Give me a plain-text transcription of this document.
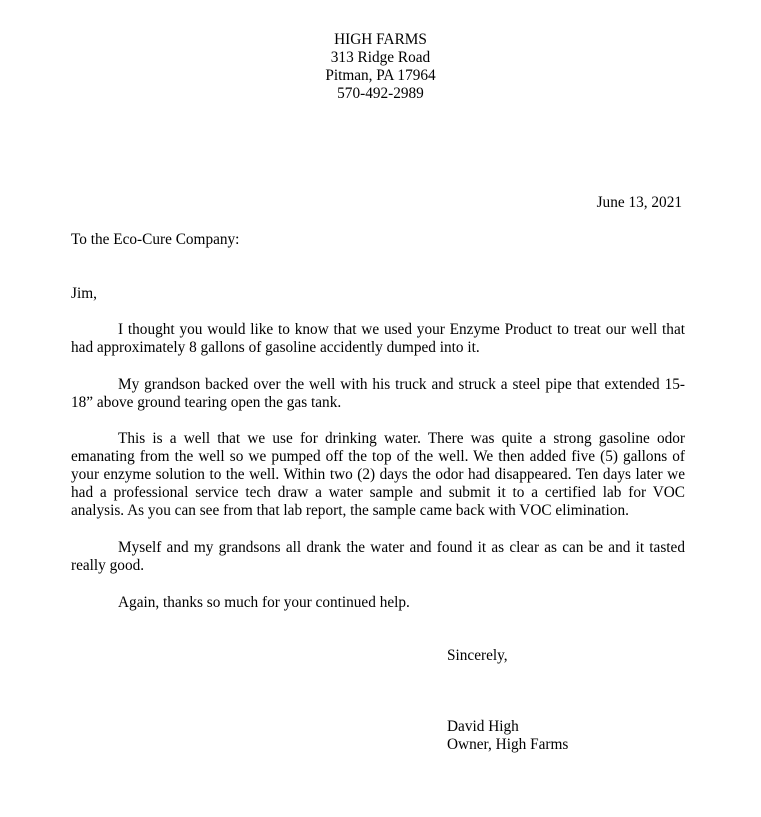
HIGH FARMS
313 Ridge Road
Pitman, PA 17964
570-492-2989
June 13, 2021
To the Eco-Cure Company:
Jim,
I thought you would like to know that we used your Enzyme Product to treat our well that had approximately 8 gallons of gasoline accidently dumped into it.
My grandson backed over the well with his truck and struck a steel pipe that extended 15-18” above ground tearing open the gas tank.
This is a well that we use for drinking water. There was quite a strong gasoline odor emanating from the well so we pumped off the top of the well. We then added five (5) gallons of your enzyme solution to the well. Within two (2) days the odor had disappeared. Ten days later we had a professional service tech draw a water sample and submit it to a certified lab for VOC analysis. As you can see from that lab report, the sample came back with VOC elimination.
Myself and my grandsons all drank the water and found it as clear as can be and it tasted really good.
Again, thanks so much for your continued help.
Sincerely,
David High
Owner, High Farms
